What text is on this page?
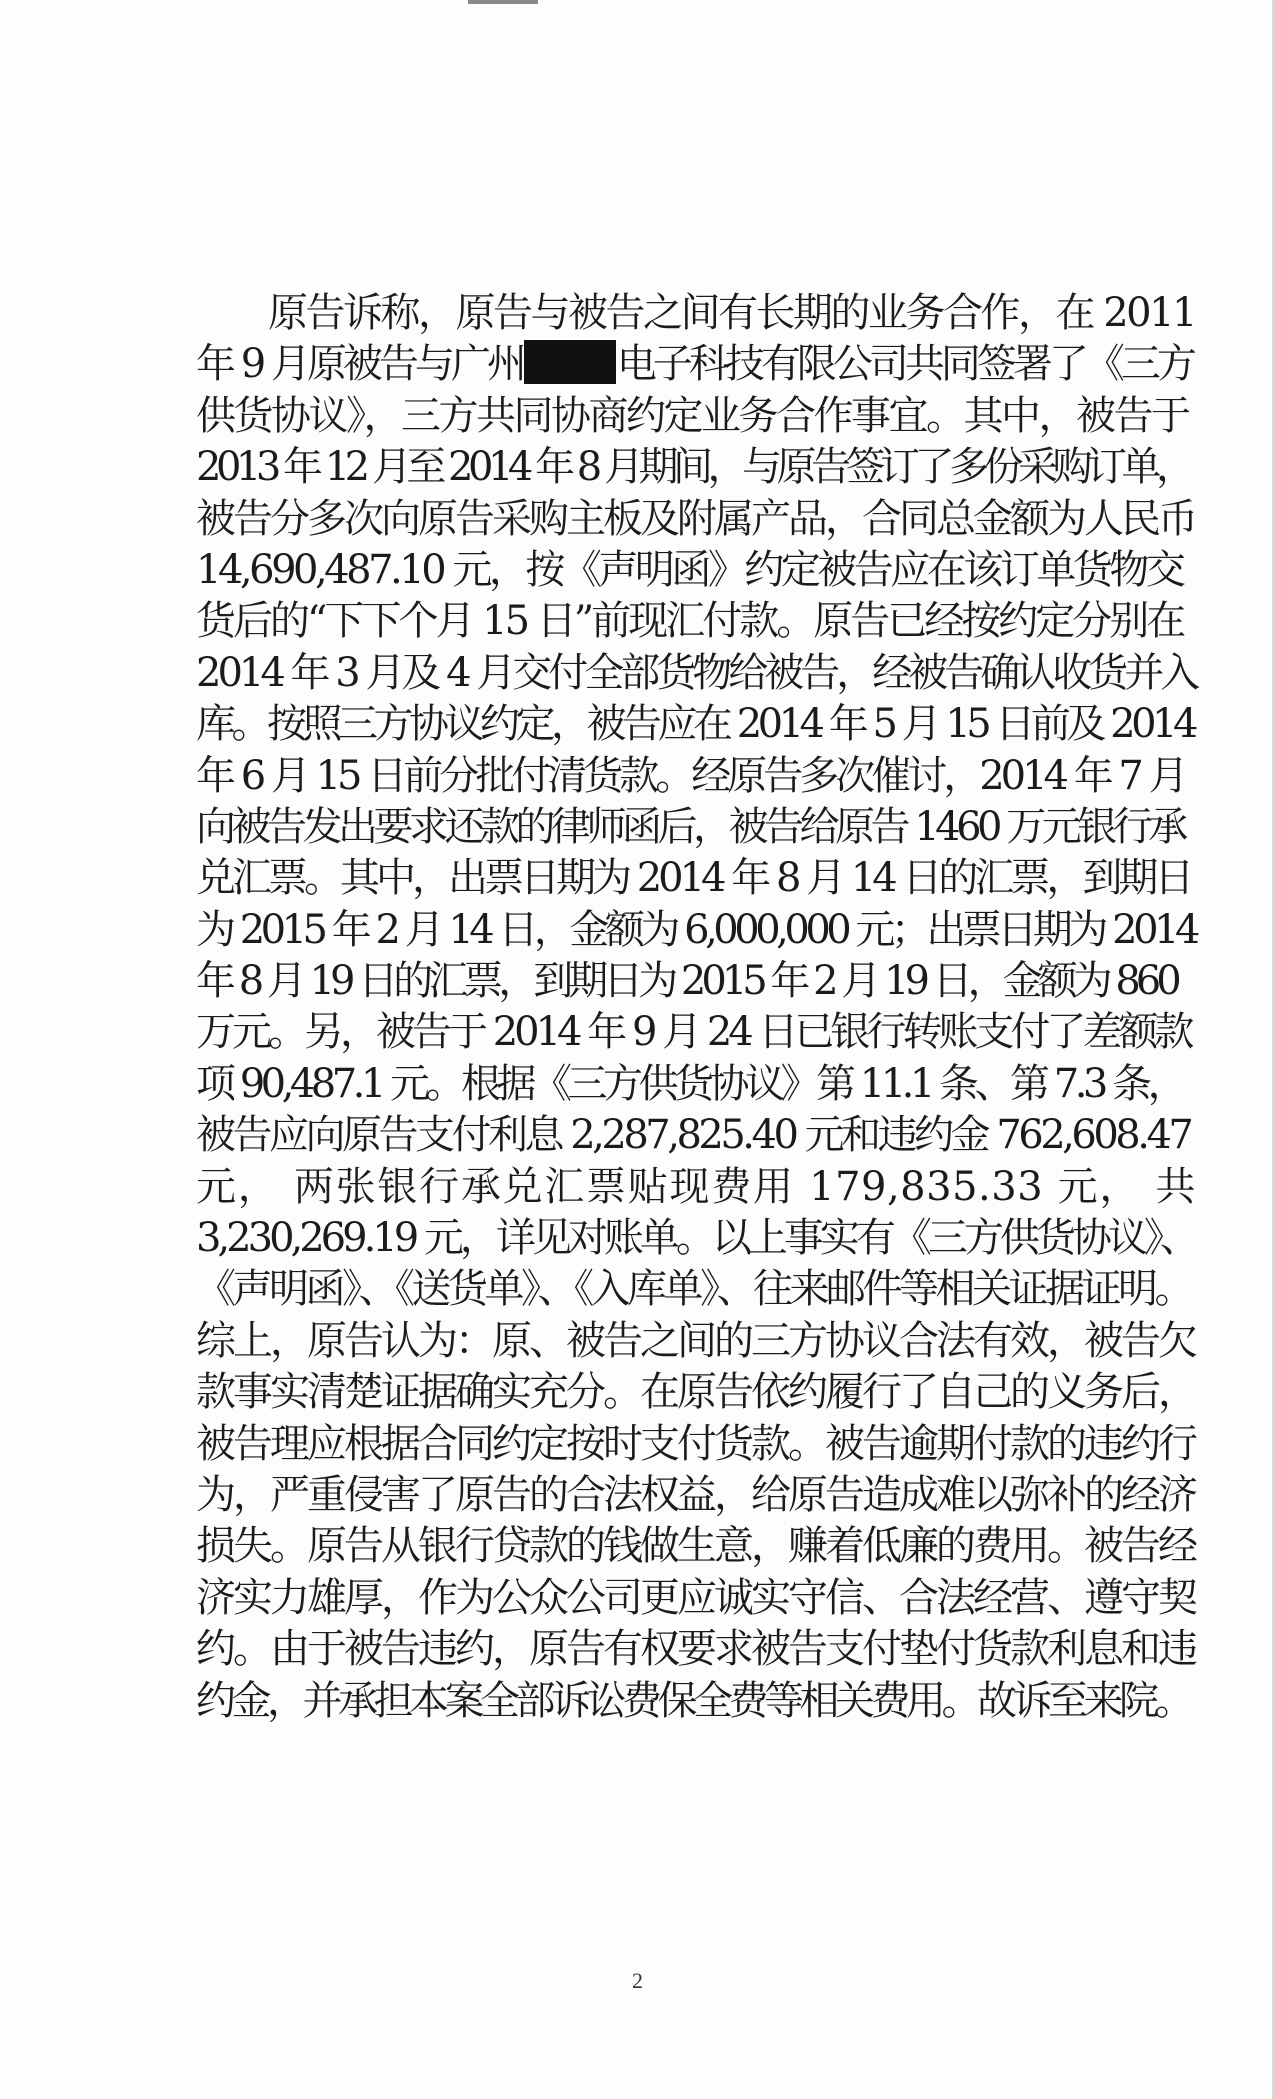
原告诉称，原告与被告之间有长期的业务合作，在 2011
年 9 月原被告与广州 电子科技有限公司共同签署了《三方
供货协议》，三方共同协商约定业务合作事宜。其中，被告于
2013 年 12 月至 2014 年 8 月期间，与原告签订了多份采购订单，
被告分多次向原告采购主板及附属产品，合同总金额为人民币
14,690,487.10 元，按《声明函》约定被告应在该订单货物交
货后的“下下个月 15 日”前现汇付款。原告已经按约定分别在
2014 年 3 月及 4 月交付全部货物给被告，经被告确认收货并入
库。按照三方协议约定，被告应在 2014 年 5 月 15 日前及 2014
年 6 月 15 日前分批付清货款。经原告多次催讨，2014 年 7 月
向被告发出要求还款的律师函后，被告给原告 1460 万元银行承
兑汇票。其中，出票日期为 2014 年 8 月 14 日的汇票，到期日
为 2015 年 2 月 14 日，金额为 6,000,000 元；出票日期为 2014
年 8 月 19 日的汇票，到期日为 2015 年 2 月 19 日，金额为 860
万元。另，被告于 2014 年 9 月 24 日已银行转账支付了差额款
项 90,487.1 元。根据《三方供货协议》第 11.1 条、第 7.3 条，
被告应向原告支付利息 2,287,825.40 元和违约金 762,608.47
元， 两张银行承兑汇票贴现费用 179,835.33 元， 共
3,230,269.19 元，详见对账单。以上事实有《三方供货协议》、
《声明函》、《送货单》、《入库单》、往来邮件等相关证据证明。
综上，原告认为：原、被告之间的三方协议合法有效，被告欠
款事实清楚证据确实充分。在原告依约履行了自己的义务后，
被告理应根据合同约定按时支付货款。被告逾期付款的违约行
为，严重侵害了原告的合法权益，给原告造成难以弥补的经济
损失。原告从银行贷款的钱做生意，赚着低廉的费用。被告经
济实力雄厚，作为公众公司更应诚实守信、合法经营、遵守契
约。由于被告违约，原告有权要求被告支付垫付货款利息和违
约金，并承担本案全部诉讼费保全费等相关费用。故诉至来院。
2
